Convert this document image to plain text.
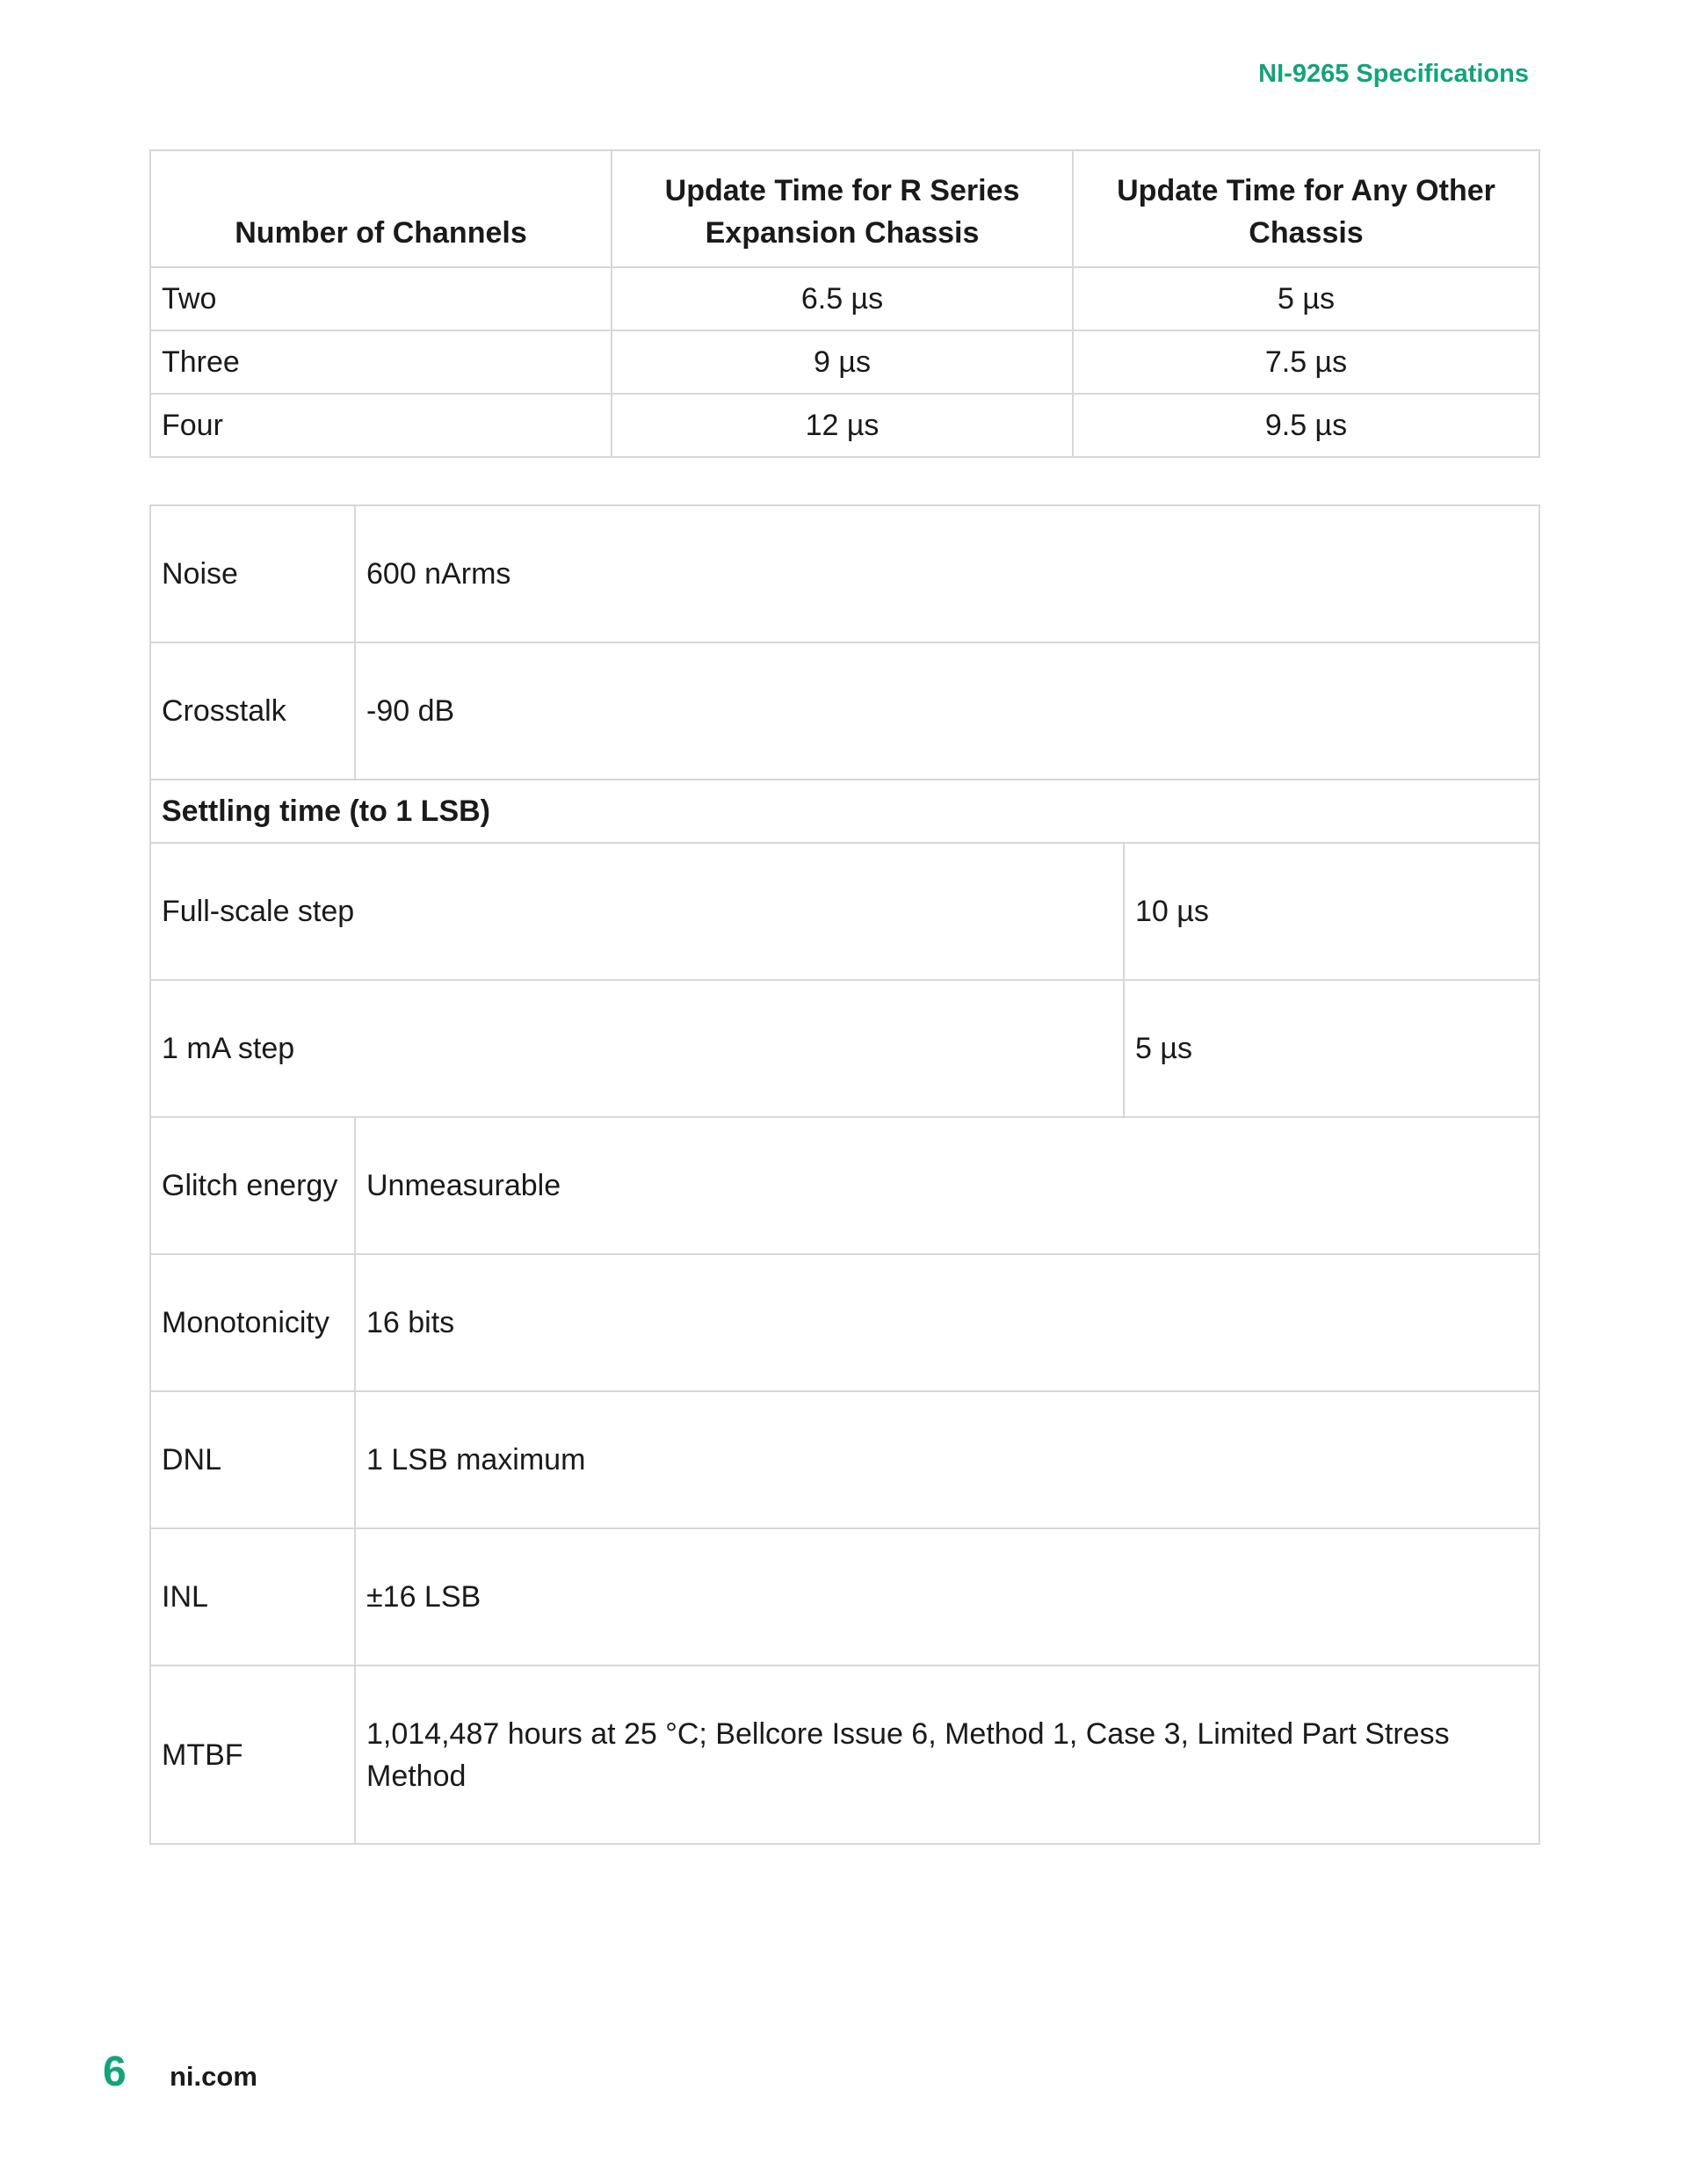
NI-9265 Specifications
Number of Channels	Update Time for R Series Expansion Chassis	Update Time for Any Other Chassis
Two	6.5 µs	5 µs
Three	9 µs	7.5 µs
Four	12 µs	9.5 µs
Noise	600 nArms	
Crosstalk	-90 dB	
Settling time (to 1 LSB)		
Full-scale step		10 µs
1 mA step		5 µs
Glitch energy	Unmeasurable	
Monotonicity	16 bits	
DNL	1 LSB maximum	
INL	±16 LSB	
MTBF	1,014,487 hours at 25 °C; Bellcore Issue 6, Method 1, Case 3, Limited Part Stress Method	
6 ni.com
